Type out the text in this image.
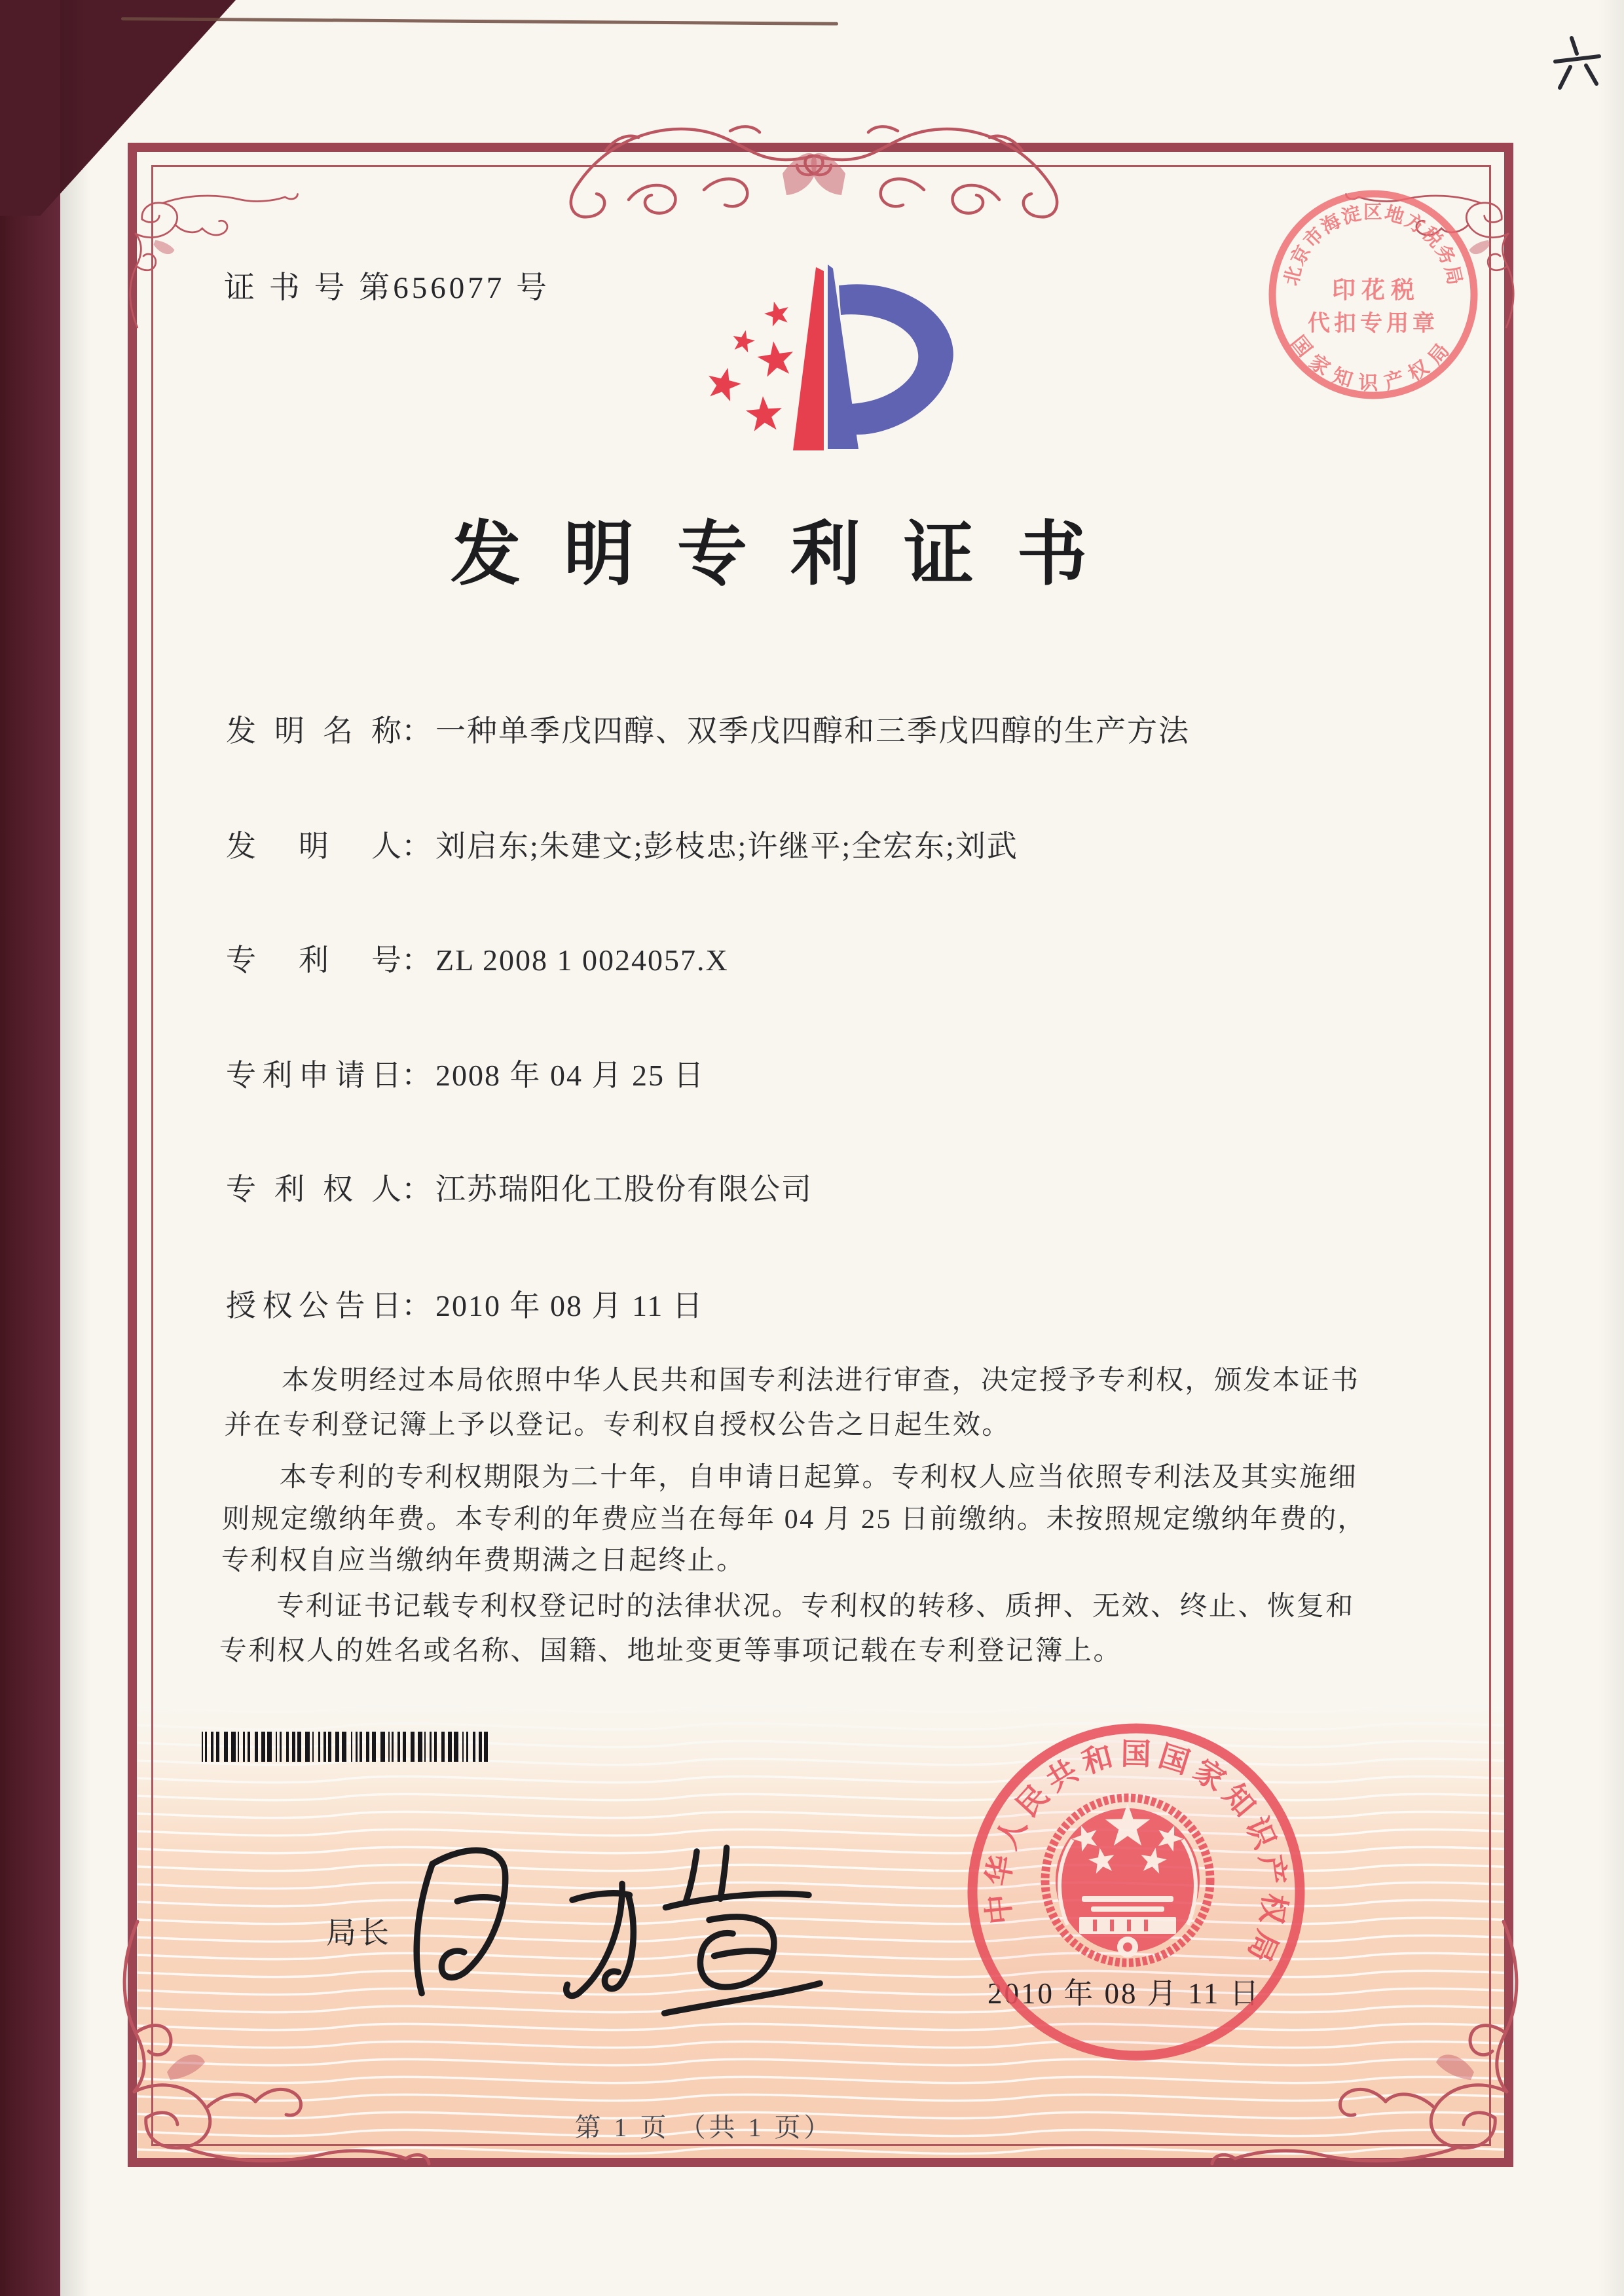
证 书 号 第656077 号
发明专利证书
发明名称： 一种单季戊四醇、双季戊四醇和三季戊四醇的生产方法
发明人： 刘启东;朱建文;彭枝忠;许继平;全宏东;刘武
专利号： ZL 2008 1 0024057.X
专利申请日： 2008 年 04 月 25 日
专利权人： 江苏瑞阳化工股份有限公司
授权公告日： 2010 年 08 月 11 日
本发明经过本局依照中华人民共和国专利法进行审查，决定授予专利权，颁发本证书
并在专利登记簿上予以登记。专利权自授权公告之日起生效。
本专利的专利权期限为二十年，自申请日起算。专利权人应当依照专利法及其实施细
则规定缴纳年费。本专利的年费应当在每年 04 月 25 日前缴纳。未按照规定缴纳年费的，
专利权自应当缴纳年费期满之日起终止。
专利证书记载专利权登记时的法律状况。专利权的转移、质押、无效、终止、恢复和
专利权人的姓名或名称、国籍、地址变更等事项记载在专利登记簿上。
局长
2010 年 08 月 11 日
第 1 页 （共 1 页）
北京市海淀区地方税务局
国家知识产权局
印 花 税
代扣专用章
中华人民共和国国家知识产权局
